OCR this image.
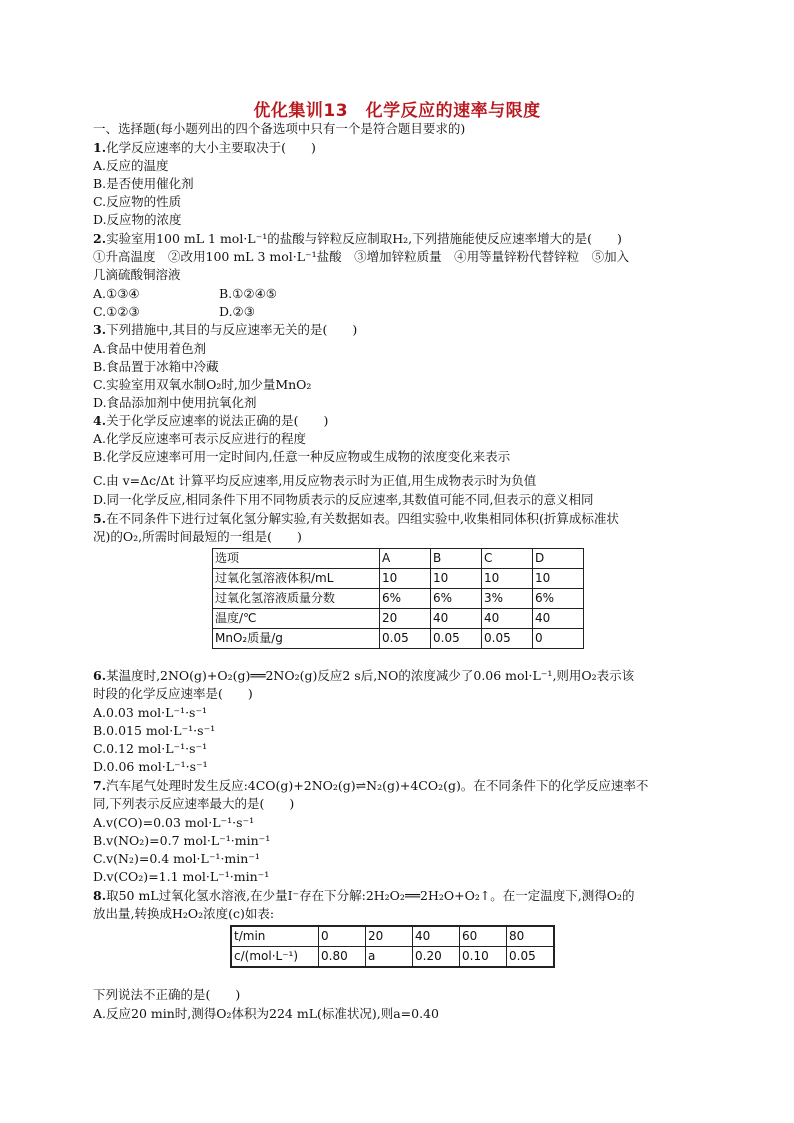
优化集训13　化学反应的速率与限度
一、选择题(每小题列出的四个备选项中只有一个是符合题目要求的)
1.化学反应速率的大小主要取决于(　　)
A.反应的温度
B.是否使用催化剂
C.反应物的性质
D.反应物的浓度
2.实验室用100 mL 1 mol·L⁻¹的盐酸与锌粒反应制取H₂,下列措施能使反应速率增大的是(　　)
①升高温度　②改用100 mL 3 mol·L⁻¹盐酸　③增加锌粒质量　④用等量锌粉代替锌粒　⑤加入
几滴硫酸铜溶液
A.①③④	B.①②④⑤
C.①②③	D.②③
3.下列措施中,其目的与反应速率无关的是(　　)
A.食品中使用着色剂
B.食品置于冰箱中冷藏
C.实验室用双氧水制O₂时,加少量MnO₂
D.食品添加剂中使用抗氧化剂
4.关于化学反应速率的说法正确的是(　　)
A.化学反应速率可表示反应进行的程度
B.化学反应速率可用一定时间内,任意一种反应物或生成物的浓度变化来表示
C.由 v=Δc/Δt 计算平均反应速率,用反应物表示时为正值,用生成物表示时为负值
D.同一化学反应,相同条件下用不同物质表示的反应速率,其数值可能不同,但表示的意义相同
5.在不同条件下进行过氧化氢分解实验,有关数据如表。四组实验中,收集相同体积(折算成标准状
况)的O₂,所需时间最短的一组是(　　)
选项	A	B	C	D
过氧化氢溶液体积/mL	10	10	10	10
过氧化氢溶液质量分数	6%	6%	3%	6%
温度/℃	20	40	40	40
MnO₂质量/g	0.05	0.05	0.05	0
6.某温度时,2NO(g)+O₂(g)══2NO₂(g)反应2 s后,NO的浓度减少了0.06 mol·L⁻¹,则用O₂表示该
时段的化学反应速率是(　　)
A.0.03 mol·L⁻¹·s⁻¹
B.0.015 mol·L⁻¹·s⁻¹
C.0.12 mol·L⁻¹·s⁻¹
D.0.06 mol·L⁻¹·s⁻¹
7.汽车尾气处理时发生反应:4CO(g)+2NO₂(g)⇌N₂(g)+4CO₂(g)。在不同条件下的化学反应速率不
同,下列表示反应速率最大的是(　　)
A.v(CO)=0.03 mol·L⁻¹·s⁻¹
B.v(NO₂)=0.7 mol·L⁻¹·min⁻¹
C.v(N₂)=0.4 mol·L⁻¹·min⁻¹
D.v(CO₂)=1.1 mol·L⁻¹·min⁻¹
8.取50 mL过氧化氢水溶液,在少量I⁻存在下分解:2H₂O₂══2H₂O+O₂↑。在一定温度下,测得O₂的
放出量,转换成H₂O₂浓度(c)如表:
t/min	0	20	40	60	80
c/(mol·L⁻¹)	0.80	a	0.20	0.10	0.05
下列说法不正确的是(　　)
A.反应20 min时,测得O₂体积为224 mL(标准状况),则a=0.40
